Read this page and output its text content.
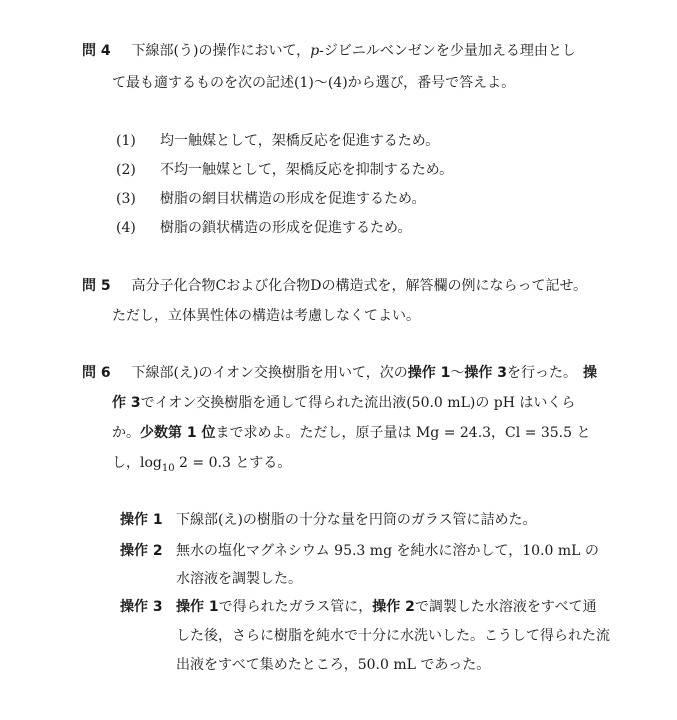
問 4 下線部(う)の操作において，p-ジビニルベンゼンを少量加える理由とし
て最も適するものを次の記述(1)～(4)から選び，番号で答えよ。
(1) 均一触媒として，架橋反応を促進するため。
(2) 不均一触媒として，架橋反応を抑制するため。
(3) 樹脂の網目状構造の形成を促進するため。
(4) 樹脂の鎖状構造の形成を促進するため。
問 5 高分子化合物Cおよび化合物Dの構造式を，解答欄の例にならって記せ。
ただし，立体異性体の構造は考慮しなくてよい。
問 6 下線部(え)のイオン交換樹脂を用いて，次の操作 1～操作 3を行った。 操
作 3でイオン交換樹脂を通して得られた流出液(50.0 mL)の pH はいくら
か。少数第 1 位まで求めよ。ただし，原子量は Mg = 24.3，Cl = 35.5 と
し，$\log_{10} 2 = 0.3$ とする。
操作 1 下線部(え)の樹脂の十分な量を円筒のガラス管に詰めた。
操作 2 無水の塩化マグネシウム 95.3 mg を純水に溶かして，10.0 mL の
水溶液を調製した。
操作 3 操作 1で得られたガラス管に，操作 2で調製した水溶液をすべて通
した後，さらに樹脂を純水で十分に水洗いした。こうして得られた流
出液をすべて集めたところ，50.0 mL であった。
